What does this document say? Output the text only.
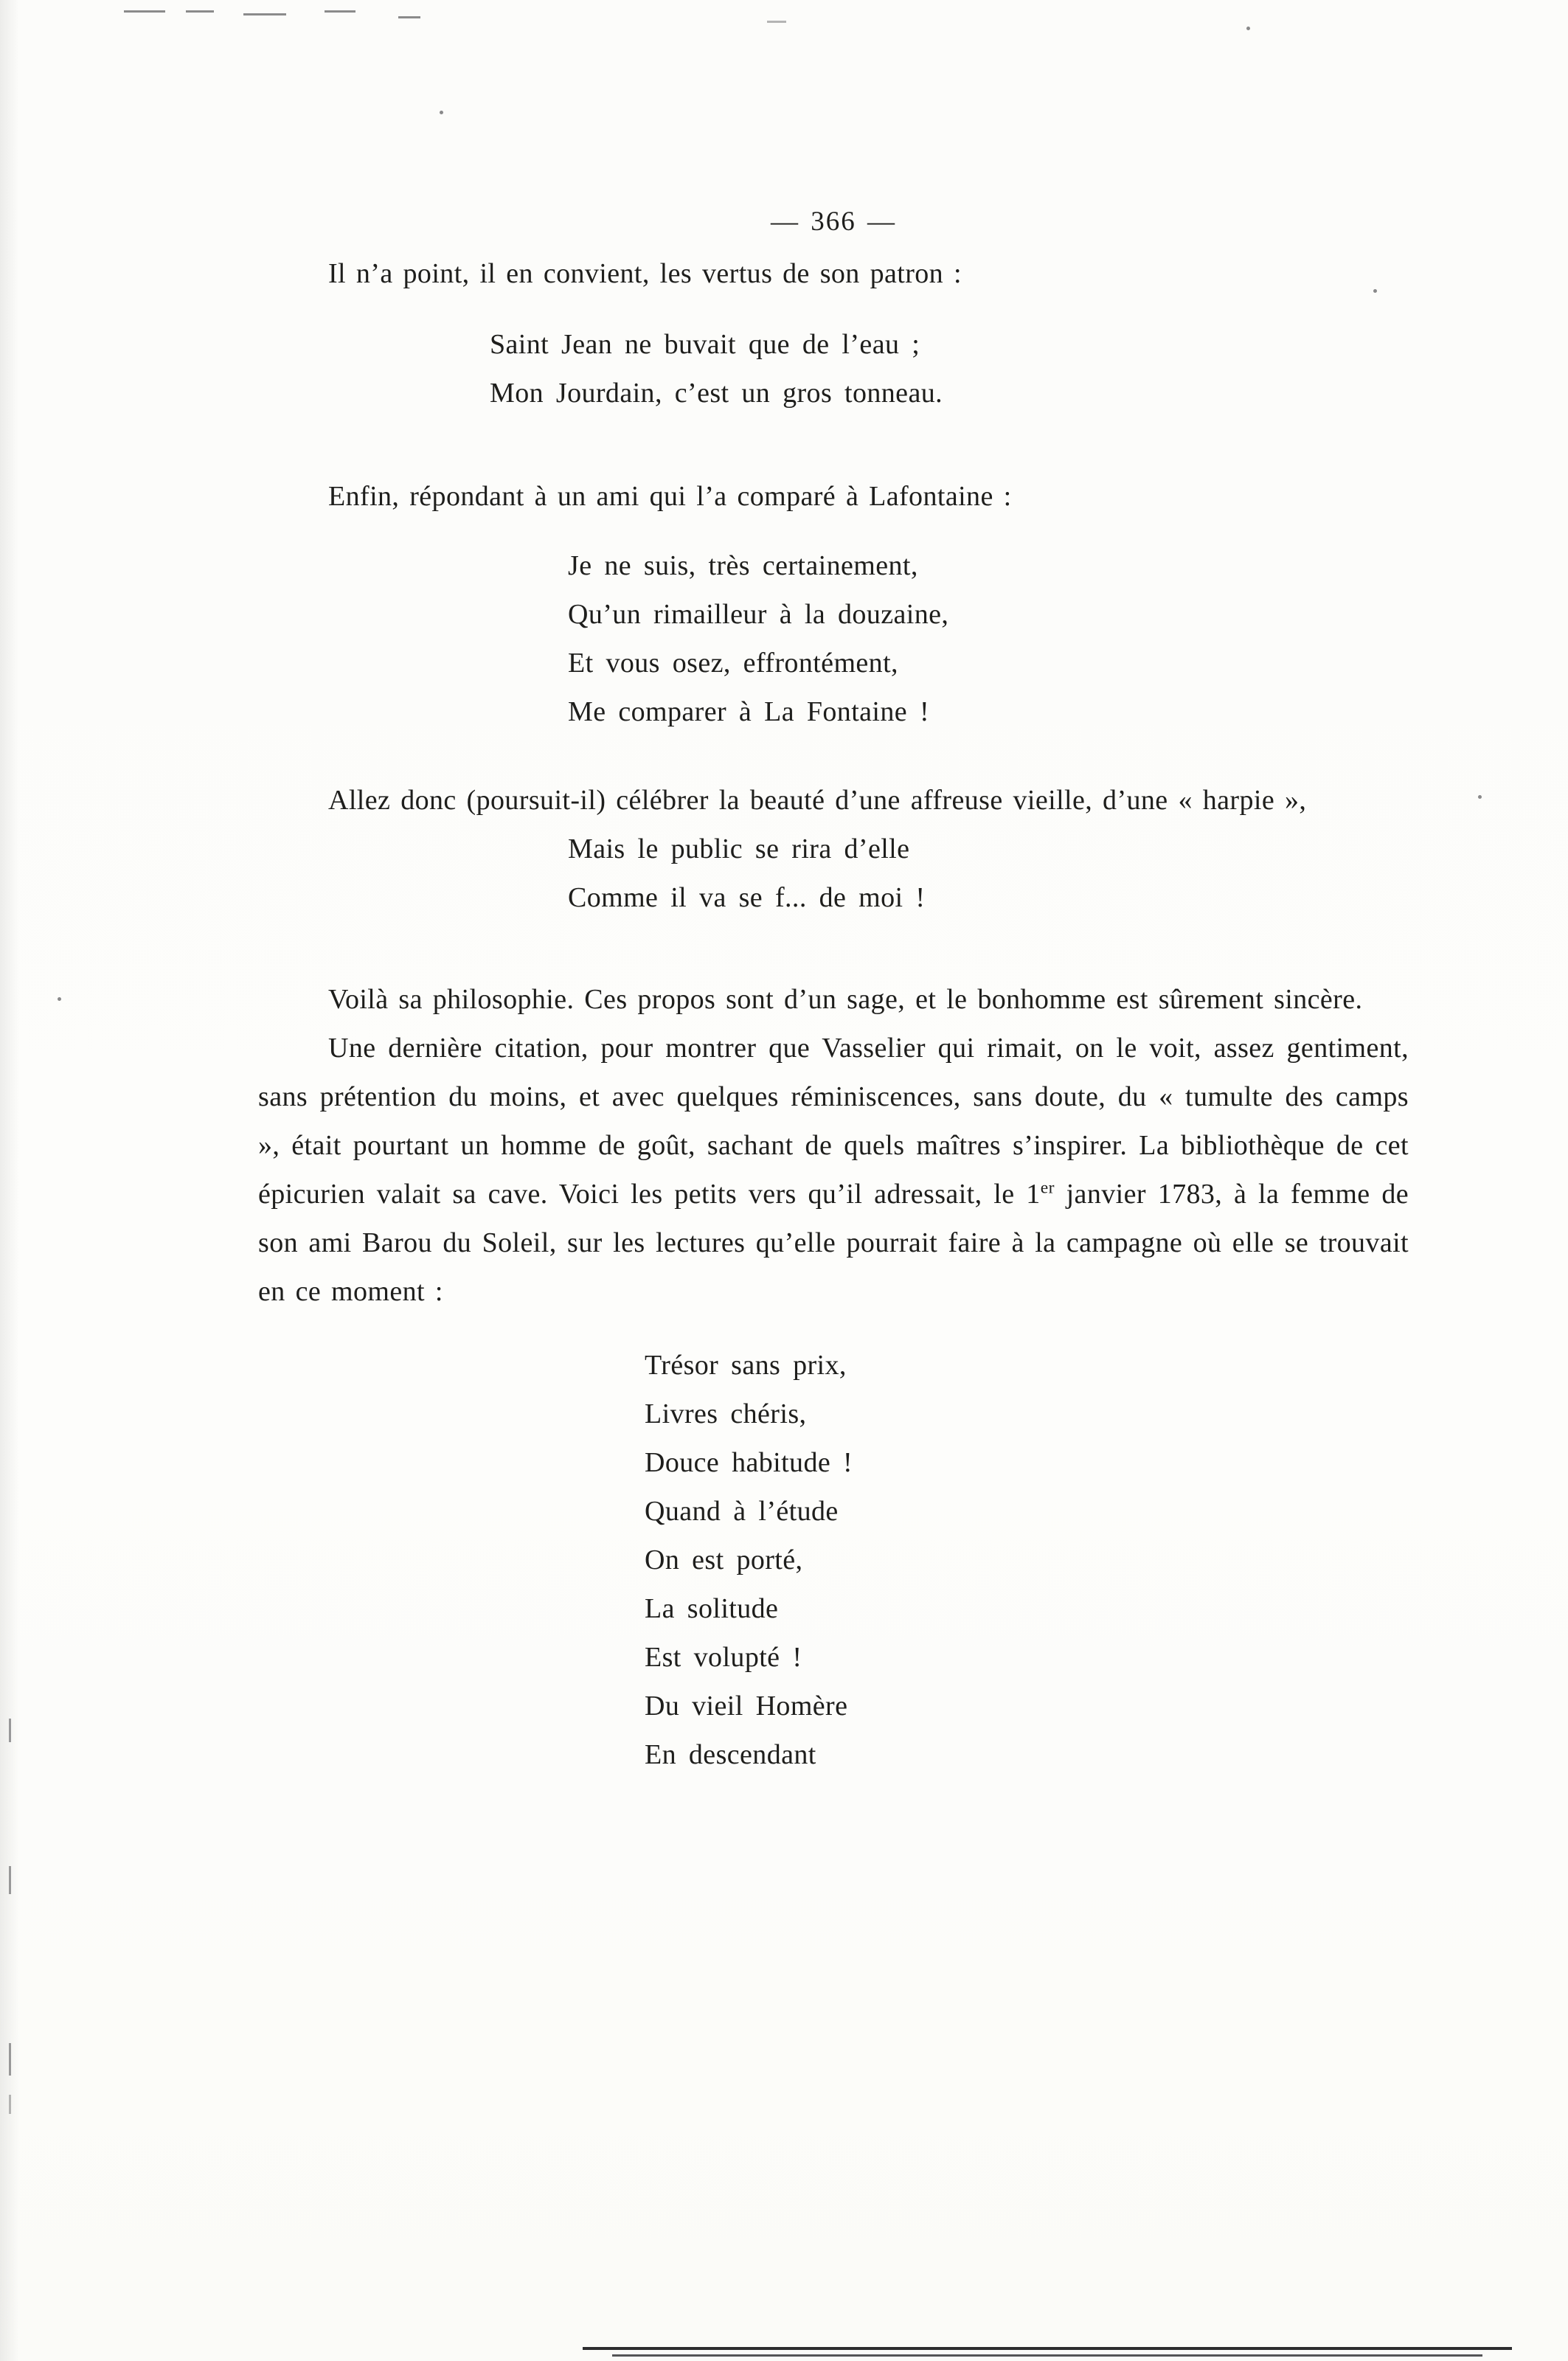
— 366 —

Il n’a point, il en convient, les vertus de son patron :

Saint Jean ne buvait que de l’eau ;
Mon Jourdain, c’est un gros tonneau.

Enfin, répondant à un ami qui l’a comparé à Lafontaine :

Je ne suis, très certainement,
Qu’un rimailleur à la douzaine,
Et vous osez, effrontément,
Me comparer à La Fontaine !

Allez donc (poursuit-il) célébrer la beauté d’une affreuse vieille, d’une « harpie »,

Mais le public se rira d’elle
Comme il va se f... de moi !

Voilà sa philosophie. Ces propos sont d’un sage, et le bonhomme est sûrement sincère.

Une dernière citation, pour montrer que Vasselier qui rimait, on le voit, assez gentiment, sans prétention du moins, et avec quelques réminiscences, sans doute, du « tumulte des camps », était pourtant un homme de goût, sachant de quels maîtres s’inspirer. La bibliothèque de cet épicurien valait sa cave. Voici les petits vers qu’il adressait, le 1er janvier 1783, à la femme de son ami Barou du Soleil, sur les lectures qu’elle pourrait faire à la campagne où elle se trouvait en ce moment :

Trésor sans prix,
Livres chéris,
Douce habitude !
Quand à l’étude
On est porté,
La solitude
Est volupté !
Du vieil Homère
En descendant
